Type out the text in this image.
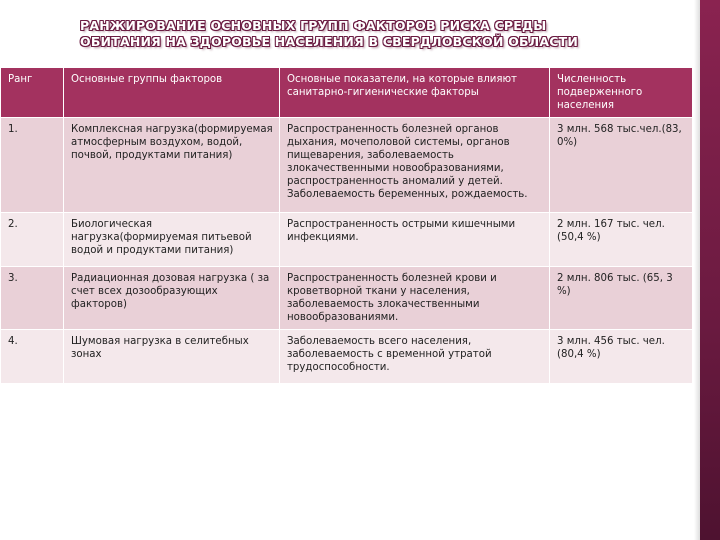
РАНЖИРОВАНИЕ ОСНОВНЫХ ГРУПП ФАКТОРОВ РИСКА СРЕДЫ ОБИТАНИЯ НА ЗДОРОВЬЕ НАСЕЛЕНИЯ В СВЕРДЛОВСКОЙ ОБЛАСТИ
Ранг	Основные группы факторов	Основные показатели, на которые влияют санитарно-гигиенические факторы	Численность подверженного населения
1.	Комплексная нагрузка(формируемая атмосферным воздухом, водой, почвой, продуктами питания)	Распространенность болезней органов дыхания, мочеполовой системы, органов пищеварения, заболеваемость злокачественными новообразованиями, распространенность аномалий у детей. Заболеваемость беременных, рождаемость.	3 млн. 568 тыс.чел.(83, 0%)
2.	Биологическая нагрузка(формируемая питьевой водой и продуктами питания)	Распространенность острыми кишечными инфекциями.	2 млн. 167 тыс. чел. (50,4 %)
3.	Радиационная дозовая нагрузка ( за счет всех дозообразующих факторов)	Распространенность болезней крови и кроветворной ткани у населения, заболеваемость злокачественными новообразованиями.	2 млн. 806 тыс. (65, 3 %)
4.	Шумовая нагрузка в селитебных зонах	Заболеваемость всего населения, заболеваемость с временной утратой трудоспособности.	3 млн. 456 тыс. чел. (80,4 %)
